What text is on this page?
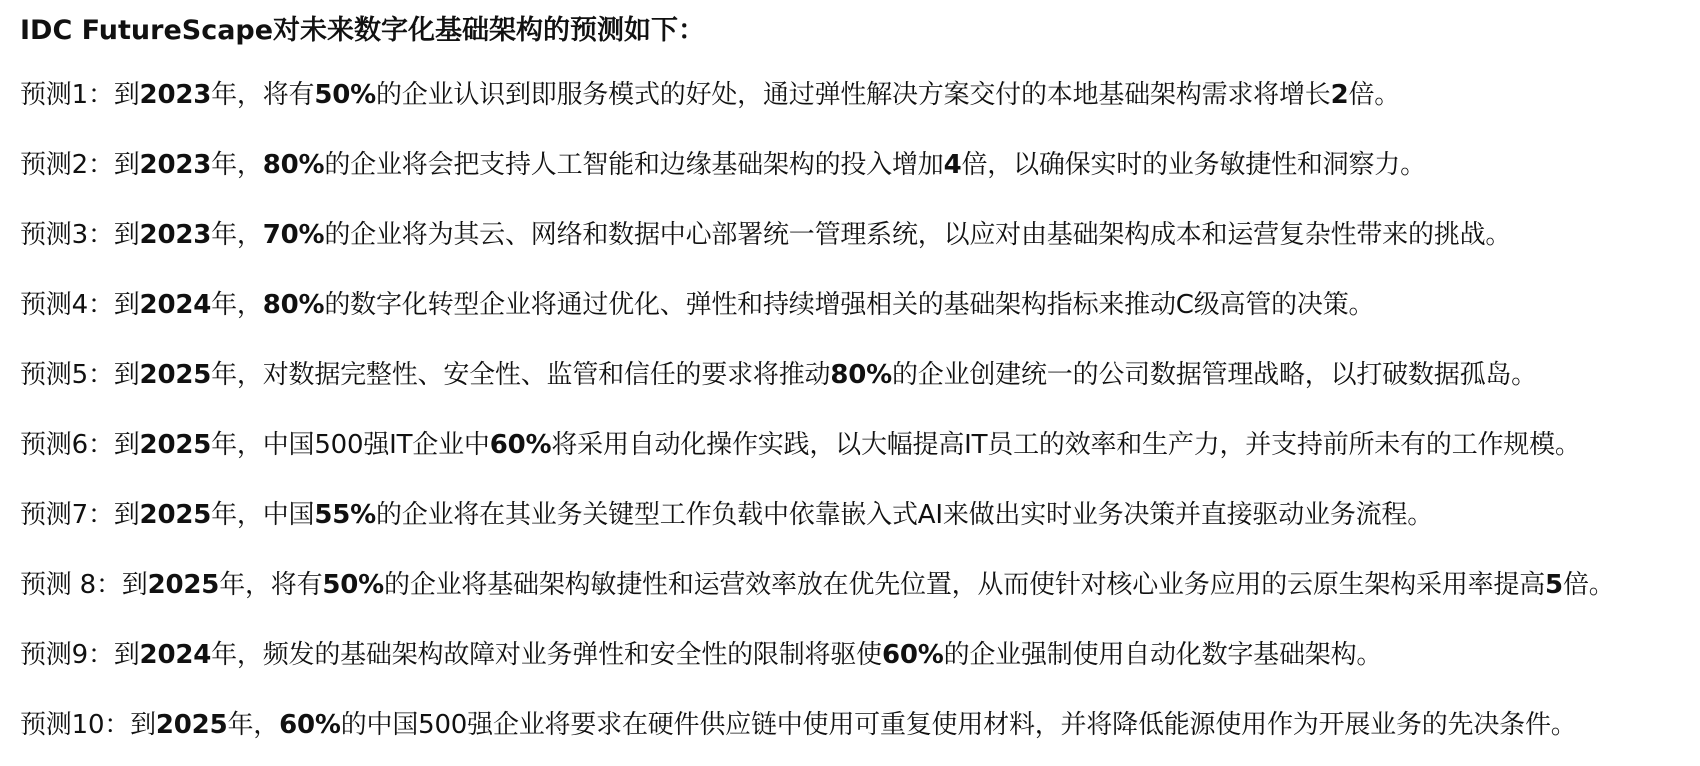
IDC FutureScape对未来数字化基础架构的预测如下：
预测1：到2023年，将有50%的企业认识到即服务模式的好处，通过弹性解决方案交付的本地基础架构需求将增长2倍。
预测2：到2023年，80%的企业将会把支持人工智能和边缘基础架构的投入增加4倍，以确保实时的业务敏捷性和洞察力。
预测3：到2023年，70%的企业将为其云、网络和数据中心部署统一管理系统，以应对由基础架构成本和运营复杂性带来的挑战。
预测4：到2024年，80%的数字化转型企业将通过优化、弹性和持续增强相关的基础架构指标来推动C级高管的决策。
预测5：到2025年，对数据完整性、安全性、监管和信任的要求将推动80%的企业创建统一的公司数据管理战略，以打破数据孤岛。
预测6：到2025年，中国500强IT企业中60%将采用自动化操作实践，以大幅提高IT员工的效率和生产力，并支持前所未有的工作规模。
预测7：到2025年，中国55%的企业将在其业务关键型工作负载中依靠嵌入式AI来做出实时业务决策并直接驱动业务流程。
预测 8：到2025年，将有50%的企业将基础架构敏捷性和运营效率放在优先位置，从而使针对核心业务应用的云原生架构采用率提高5倍。
预测9：到2024年，频发的基础架构故障对业务弹性和安全性的限制将驱使60%的企业强制使用自动化数字基础架构。
预测10：到2025年，60%的中国500强企业将要求在硬件供应链中使用可重复使用材料，并将降低能源使用作为开展业务的先决条件。
